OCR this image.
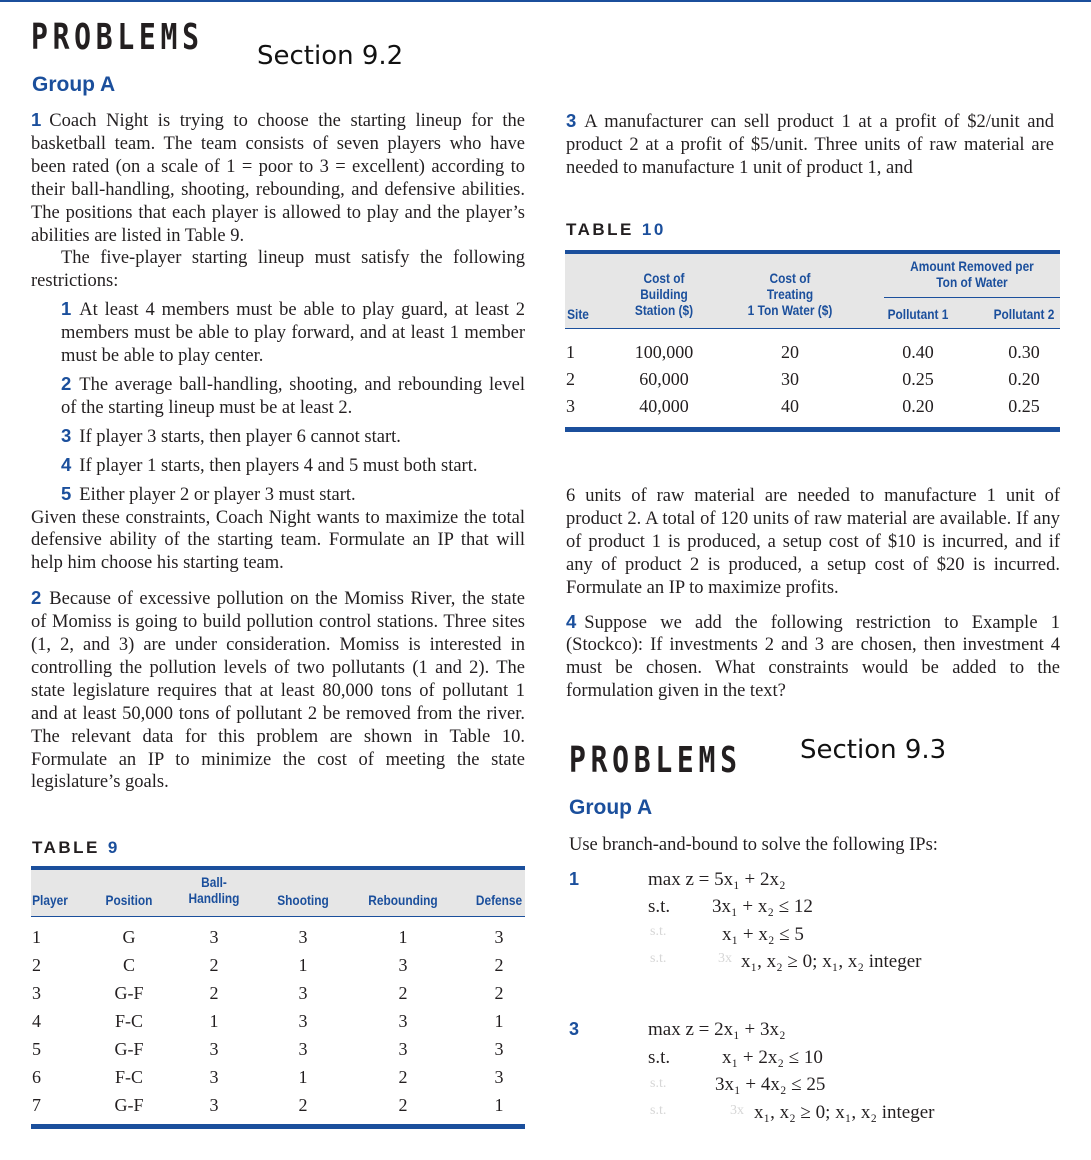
PROBLEMS Section 9.2
Group A

1 Coach Night is trying to choose the starting lineup for the basketball team. The team consists of seven players who have been rated (on a scale of 1 = poor to 3 = excellent) according to their ball-handling, shooting, rebounding, and defensive abilities. The positions that each player is allowed to play and the player’s abilities are listed in Table 9.

The five-player starting lineup must satisfy the following restrictions:

1 At least 4 members must be able to play guard, at least 2 members must be able to play forward, and at least 1 member must be able to play center.

2 The average ball-handling, shooting, and rebounding level of the starting lineup must be at least 2.

3 If player 3 starts, then player 6 cannot start.

4 If player 1 starts, then players 4 and 5 must both start.

5 Either player 2 or player 3 must start.

Given these constraints, Coach Night wants to maximize the total defensive ability of the starting team. Formulate an IP that will help him choose his starting team.

2 Because of excessive pollution on the Momiss River, the state of Momiss is going to build pollution control stations. Three sites (1, 2, and 3) are under consideration. Momiss is interested in controlling the pollution levels of two pollutants (1 and 2). The state legislature requires that at least 80,000 tons of pollutant 1 and at least 50,000 tons of pollutant 2 be removed from the river. The relevant data for this problem are shown in Table 10. Formulate an IP to minimize the cost of meeting the state legislature’s goals.

TABLE 9
Player	Position
Ball-
Handling	Shooting	Rebounding	Defense
1	G	3	3	1	3
2	C	2	1	3	2
3	G-F	2	3	2	2
4	F-C	1	3	3	1
5	G-F	3	3	3	3
6	F-C	3	1	2	3
7	G-F	3	2	2	1

3 A manufacturer can sell product 1 at a profit of $2/unit and product 2 at a profit of $5/unit. Three units of raw material are needed to manufacture 1 unit of product 1, and

TABLE 10
Amount Removed per
Ton of Water
Site
Cost of
Building
Station ($)
Cost of
Treating
1 Ton Water ($)	Pollutant 1	Pollutant 2
1	100,000	20	0.40	0.30
2	60,000	30	0.25	0.20
3	40,000	40	0.20	0.25

6 units of raw material are needed to manufacture 1 unit of product 2. A total of 120 units of raw material are available. If any of product 1 is produced, a setup cost of $10 is incurred, and if any of product 2 is produced, a setup cost of $20 is incurred. Formulate an IP to maximize profits.

4 Suppose we add the following restriction to Example 1 (Stockco): If investments 2 and 3 are chosen, then investment 4 must be chosen. What constraints would be added to the formulation given in the text?

PROBLEMS Section 9.3
Group A
Use branch-and-bound to solve the following IPs:
1	max z = 5x₁ + 2x₂
s.t. 3x₁ + x₂ ≤ 12
s.t.	x₁ + x₂ ≤ 5
s.t.	3x x₁, x₂ ≥ 0; x₁, x₂ integer
3	max z = 2x₁ + 3x₂
s.t.	x₁ + 2x₂ ≤ 10
s.t.	3x₁ + 4x₂ ≤ 25
s.t.	3x x₁, x₂ ≥ 0; x₁, x₂ integer
